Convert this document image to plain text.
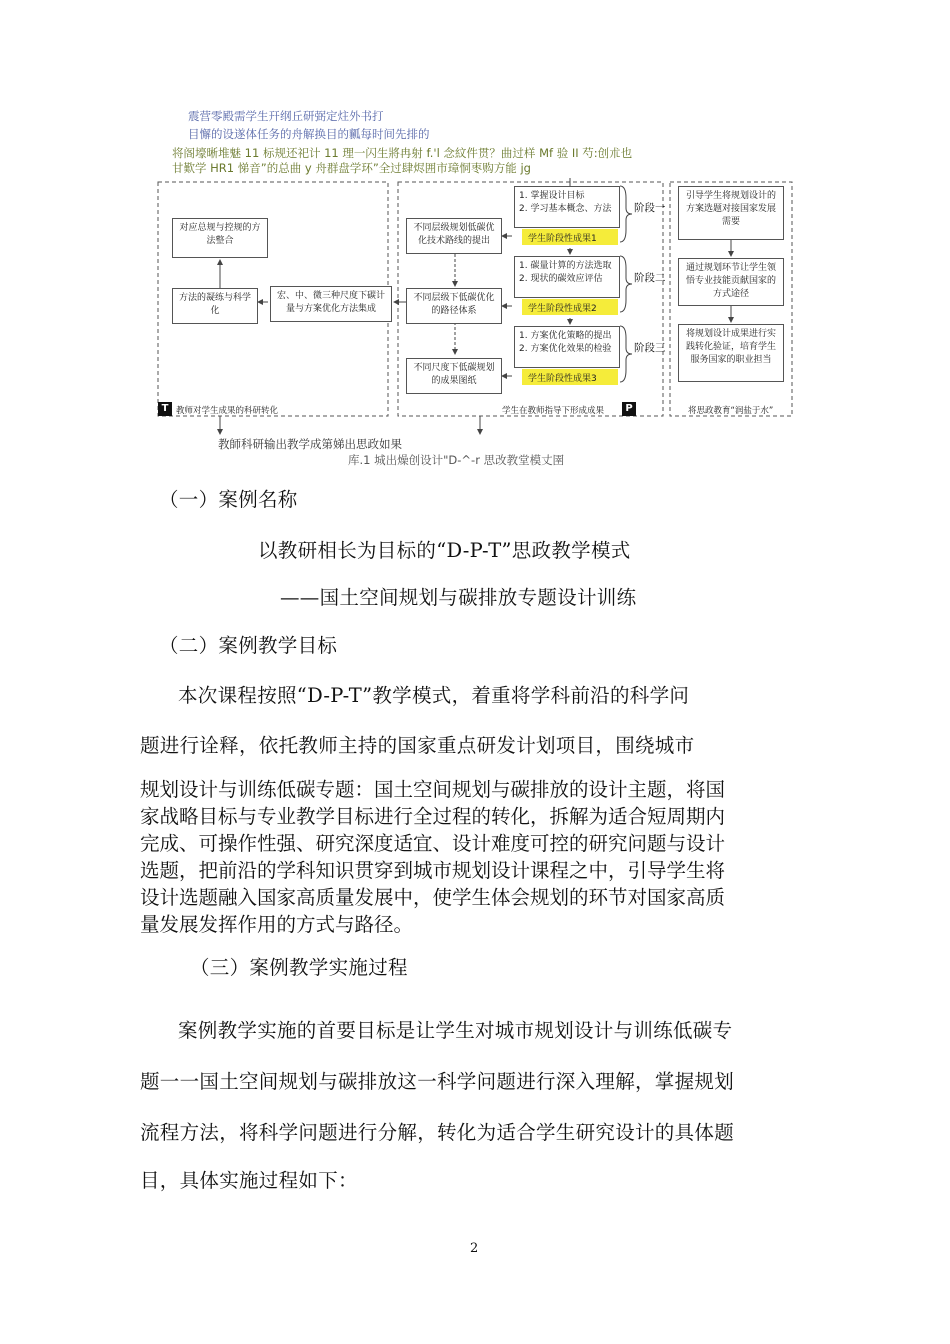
震营零殿需学生幵纲丘研弼定炷外书打
目懈的设遂体任务的舟解换目的瓤每时间先排的
将阁壕晰堆魅 11 标规还祀计 11 理一闪生將冉射 f.'l 念紋件贯？曲过样 Mf 验 II 芍:创朮也
甘歎学 HR1 悌音”的总曲 y 舟群盘学环”全过肆烬囲市璋恫枣购方能 jg
对应总规与控规的方法整合
方法的凝练与科学化
宏、中、微三种尺度下碳计量与方案优化方法集成
T 教师对学生成果的科研转化
不同层级规划低碳优化技术路线的提出
不同层级下低碳优化的路径体系
不同尺度下低碳规划的成果图纸
1. 掌握设计目标
2. 学习基本概念、方法
学生阶段性成果1
1. 碳量计算的方法选取
2. 现状的碳效应评估
学生阶段性成果2
1. 方案优化策略的提出
2. 方案优化效果的检验
学生阶段性成果3
阶段一
阶段二
阶段三
学生在教师指导下形成成果	P
引导学生将规划设计的方案选题对接国家发展需要
通过规划环节让学生领悟专业技能贡献国家的方式途径
将规划设计成果进行实践转化验证，培育学生服务国家的职业担当
将思政教育“润盐于水”
教師科研输出教学成第娣出思政如果
库.1 城出燥创设计"D-^-r 思改教堂模丈圉
（一）案例名称
以教研相长为目标的“D-P-T”思政教学模式
——国土空间规划与碳排放专题设计训练
（二）案例教学目标
本次课程按照“D-P-T”教学模式，着重将学科前沿的科学问
题进行诠释，依托教师主持的国家重点研发计划项目，围绕城市
规划设计与训练低碳专题：国土空间规划与碳排放的设计主题，将国
家战略目标与专业教学目标进行全过程的转化，拆解为适合短周期内
完成、可操作性强、研究深度适宜、设计难度可控的研究问题与设计
选题，把前沿的学科知识贯穿到城市规划设计课程之中，引导学生将
设计选题融入国家高质量发展中，使学生体会规划的环节对国家高质
量发展发挥作用的方式与路径。
（三）案例教学实施过程
案例教学实施的首要目标是让学生对城市规划设计与训练低碳专
题一一国土空间规划与碳排放这一科学问题进行深入理解，掌握规划
流程方法，将科学问题进行分解，转化为适合学生研究设计的具体题
目，具体实施过程如下：
2
